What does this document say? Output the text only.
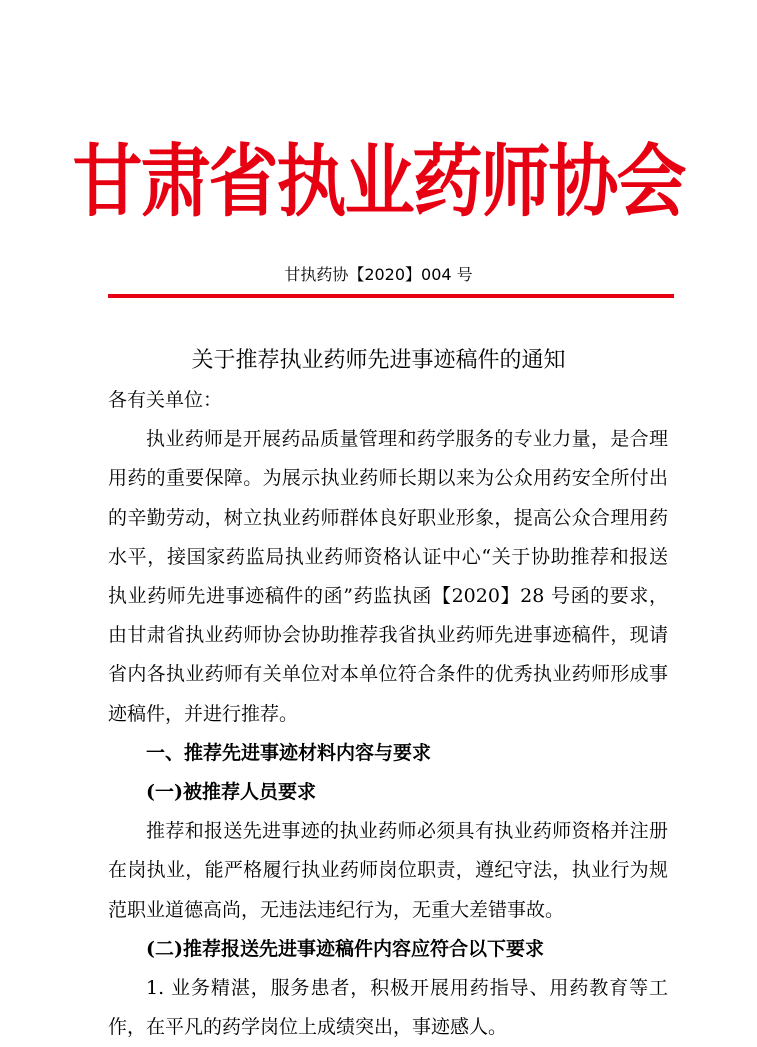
甘肃省执业药师协会
甘执药协【2020】004 号
关于推荐执业药师先进事迹稿件的通知

各有关单位：

执业药师是开展药品质量管理和药学服务的专业力量，是合理用药的重要保障。为展示执业药师长期以来为公众用药安全所付出的辛勤劳动，树立执业药师群体良好职业形象，提高公众合理用药水平，接国家药监局执业药师资格认证中心“关于协助推荐和报送执业药师先进事迹稿件的函”药监执函【2020】28 号函的要求，由甘肃省执业药师协会协助推荐我省执业药师先进事迹稿件，现请省内各执业药师有关单位对本单位符合条件的优秀执业药师形成事迹稿件，并进行推荐。

一、推荐先进事迹材料内容与要求

(一)被推荐人员要求

推荐和报送先进事迹的执业药师必须具有执业药师资格并注册在岗执业，能严格履行执业药师岗位职责，遵纪守法，执业行为规范职业道德高尚，无违法违纪行为，无重大差错事故。

(二)推荐报送先进事迹稿件内容应符合以下要求

1. 业务精湛，服务患者，积极开展用药指导、用药教育等工作，在平凡的药学岗位上成绩突出，事迹感人。
